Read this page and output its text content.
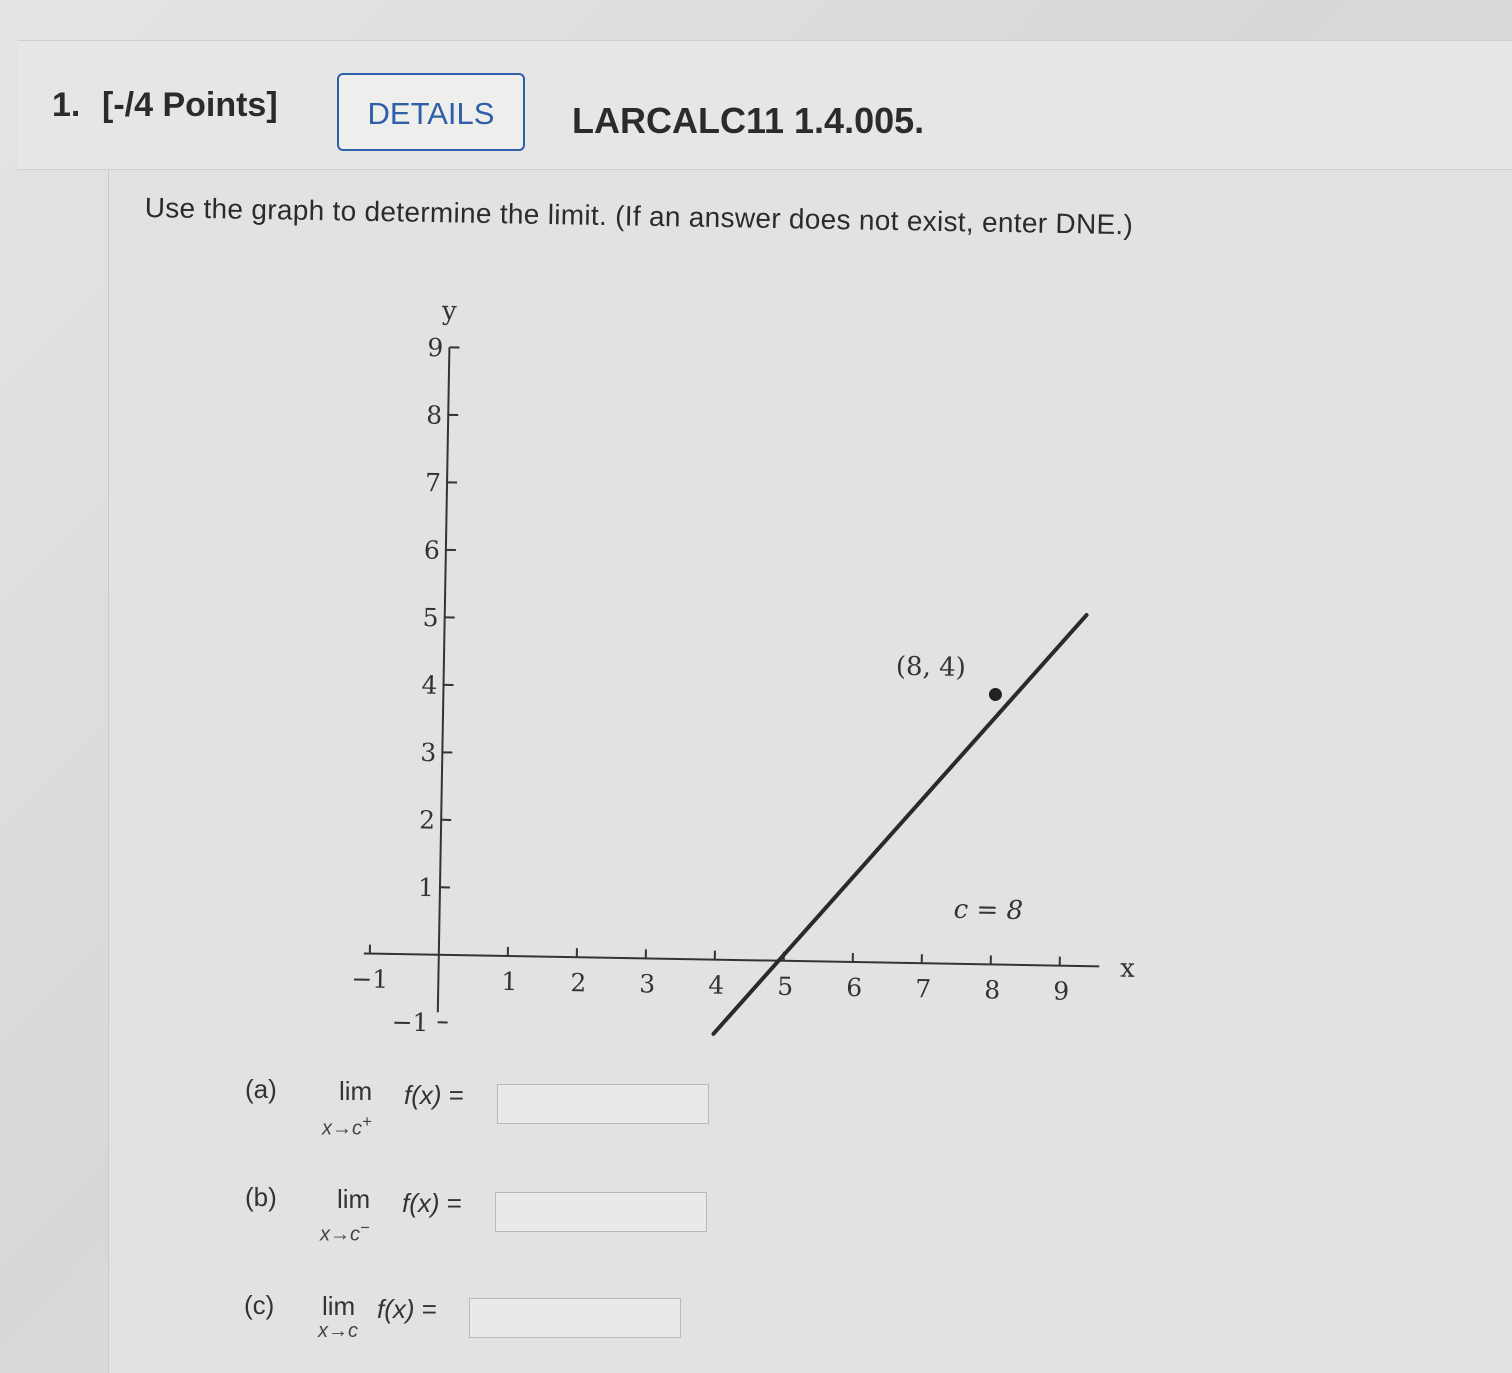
1. [-/4 Points]	DETAILS	LARCALC11 1.4.005.
Use the graph to determine the limit. (If an answer does not exist, enter DNE.)
x
y
−1	1 2 3 4 5 6 7 8 9
−1
1
2
3
4
5
6
7
8
9
(8, 4)
c = 8
(a) lim
x→c+
f(x) =
(b) lim
x→c−
f(x) =
(c) lim
x→c
f(x) =
